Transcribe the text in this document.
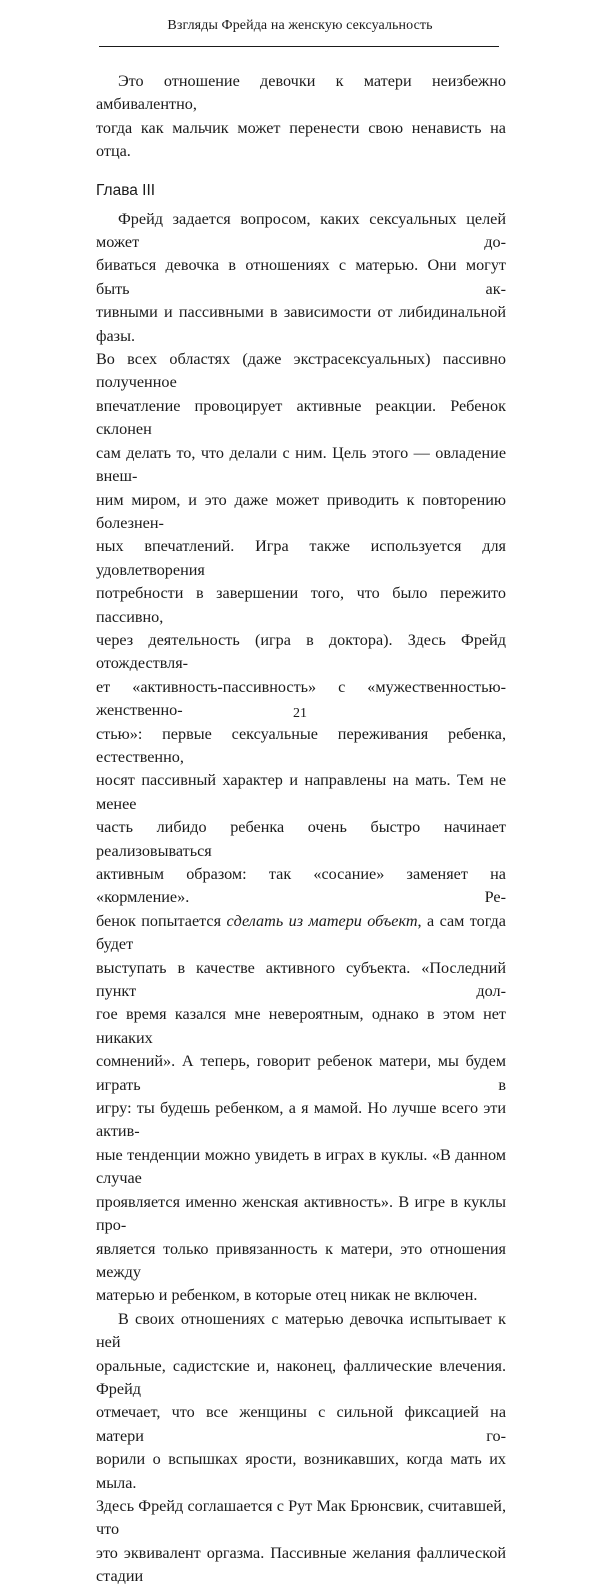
Взгляды Фрейда на женскую сексуальность

Это отношение девочки к матери неизбежно амбивалентно,
тогда как мальчик может перенести свою ненависть на отца.

Глава III

Фрейд задается вопросом, каких сексуальных целей может до-
биваться девочка в отношениях с матерью. Они могут быть ак-
тивными и пассивными в зависимости от либидинальной фазы.
Во всех областях (даже экстрасексуальных) пассивно полученное
впечатление провоцирует активные реакции. Ребенок склонен
сам делать то, что делали с ним. Цель этого — овладение внеш-
ним миром, и это даже может приводить к повторению болезнен-
ных впечатлений. Игра также используется для удовлетворения
потребности в завершении того, что было пережито пассивно,
через деятельность (игра в доктора). Здесь Фрейд отождествля-
ет «активность-пассивность» с «мужественностью-женственно-
стью»: первые сексуальные переживания ребенка, естественно,
носят пассивный характер и направлены на мать. Тем не менее
часть либидо ребенка очень быстро начинает реализовываться
активным образом: так «сосание» заменяет на «кормление». Ре-
бенок попытается сделать из матери объект, а сам тогда будет
выступать в качестве активного субъекта. «Последний пункт дол-
гое время казался мне невероятным, однако в этом нет никаких
сомнений». А теперь, говорит ребенок матери, мы будем играть в
игру: ты будешь ребенком, а я мамой. Но лучше всего эти актив-
ные тенденции можно увидеть в играх в куклы. «В данном случае
проявляется именно женская активность». В игре в куклы про-
является только привязанность к матери, это отношения между
матерью и ребенком, в которые отец никак не включен.

В своих отношениях с матерью девочка испытывает к ней
оральные, садистские и, наконец, фаллические влечения. Фрейд
отмечает, что все женщины с сильной фиксацией на матери го-
ворили о вспышках ярости, возникавших, когда мать их мыла.
Здесь Фрейд соглашается с Рут Мак Брюнсвик, считавшей, что
это эквивалент оргазма. Пассивные желания фаллической стадии

21
